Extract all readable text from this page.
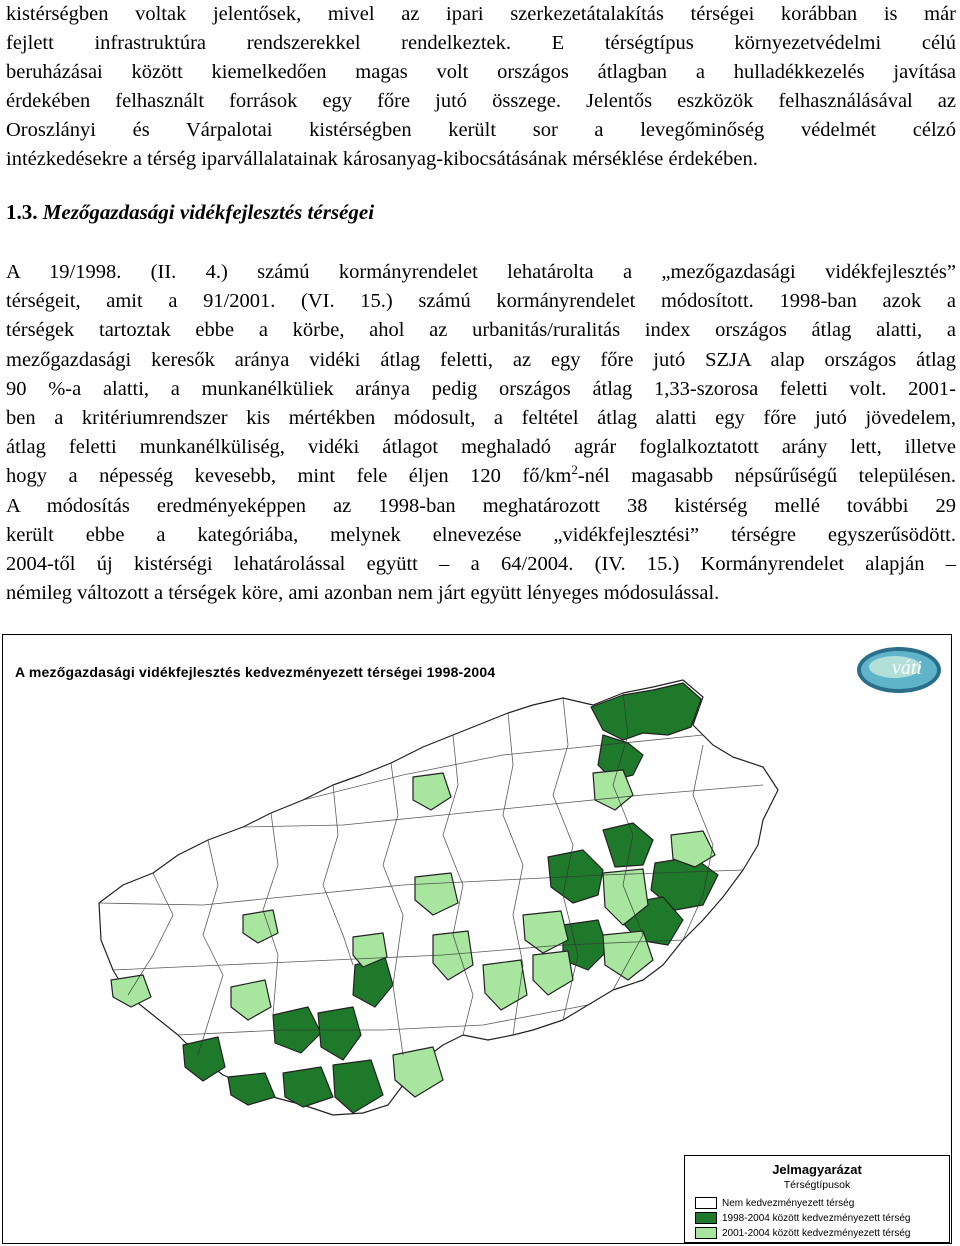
kistérségben voltak jelentősek, mivel az ipari szerkezetátalakítás térségei korábban is már

fejlett infrastruktúra rendszerekkel rendelkeztek. E térségtípus környezetvédelmi célú

beruházásai között kiemelkedően magas volt országos átlagban a hulladékkezelés javítása

érdekében felhasznált források egy főre jutó összege. Jelentős eszközök felhasználásával az

Oroszlányi és Várpalotai kistérségben került sor a levegőminőség védelmét célzó

intézkedésekre a térség iparvállalatainak károsanyag-kibocsátásának mérséklése érdekében.

1.3. Mezőgazdasági vidékfejlesztés térségei

A 19/1998. (II. 4.) számú kormányrendelet lehatárolta a „mezőgazdasági vidékfejlesztés”

térségeit, amit a 91/2001. (VI. 15.) számú kormányrendelet módosított. 1998-ban azok a

térségek tartoztak ebbe a körbe, ahol az urbanitás/ruralitás index országos átlag alatti, a

mezőgazdasági keresők aránya vidéki átlag feletti, az egy főre jutó SZJA alap országos átlag

90 %-a alatti, a munkanélküliek aránya pedig országos átlag 1,33-szorosa feletti volt. 2001-

ben a kritériumrendszer kis mértékben módosult, a feltétel átlag alatti egy főre jutó jövedelem,

átlag feletti munkanélküliség, vidéki átlagot meghaladó agrár foglalkoztatott arány lett, illetve

hogy a népesség kevesebb, mint fele éljen 120 $fő/km^2$-nél magasabb népsűrűségű településen.

A módosítás eredményeképpen az 1998-ban meghatározott 38 kistérség mellé további 29

került ebbe a kategóriába, melynek elnevezése „vidékfejlesztési” térségre egyszerűsödött.

2004-től új kistérségi lehatárolással együtt – a 64/2004. (IV. 15.) Kormányrendelet alapján –

némileg változott a térségek köre, ami azonban nem járt együtt lényeges módosulással.

A mezőgazdasági vidékfejlesztés kedvezményezett térségei 1998-2004	váti
Jelmagyarázat
Térségtípusok
Nem kedvezményezett térség
1998-2004 között kedvezményezett térség
2001-2004 között kedvezményezett térség
